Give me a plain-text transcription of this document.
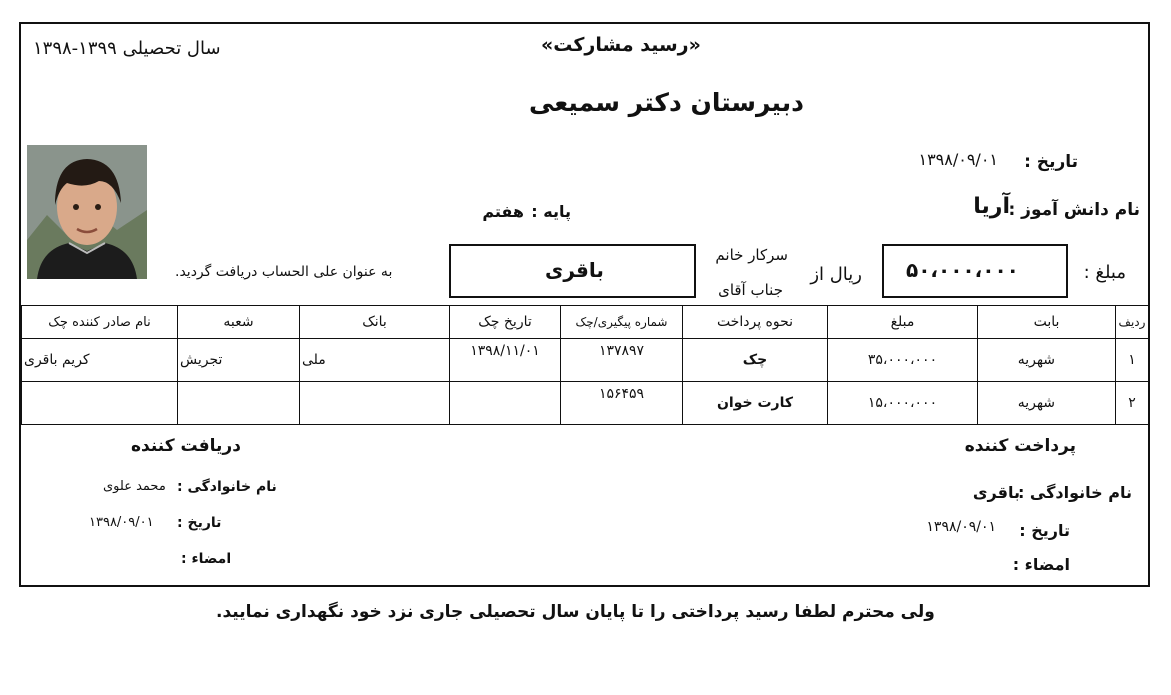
«رسید مشارکت»
سال تحصیلی ۱۳۹۹-۱۳۹۸
دبیرستان دکتر سمیعی
تاریخ :
۱۳۹۸/۰۹/۰۱
نام دانش آموز :
آریا
پایه :
هفتم
مبلغ :
۵۰،۰۰۰،۰۰۰
ریال از
سرکار خانم
جناب آقای
باقری
به عنوان علی الحساب دریافت گردید.
ردیف	بابت	مبلغ	نحوه پرداخت	شماره پیگیری/چک	تاریخ چک	بانک	شعبه	نام صادر کننده چک
۱	شهریه	۳۵،۰۰۰،۰۰۰	چک	۱۳۷۸۹۷	۱۳۹۸/۱۱/۰۱	ملی	تجریش	کریم باقری
۲	شهریه	۱۵،۰۰۰،۰۰۰	کارت خوان	۱۵۶۴۵۹				
پرداخت کننده
نام خانوادگی :
باقری
تاریخ :
۱۳۹۸/۰۹/۰۱
امضاء :
دریافت کننده
نام خانوادگی :
محمد علوی
تاریخ :
۱۳۹۸/۰۹/۰۱
امضاء :
ولی محترم لطفا رسید پرداختی را تا پایان سال تحصیلی جاری نزد خود نگهداری نمایید.
